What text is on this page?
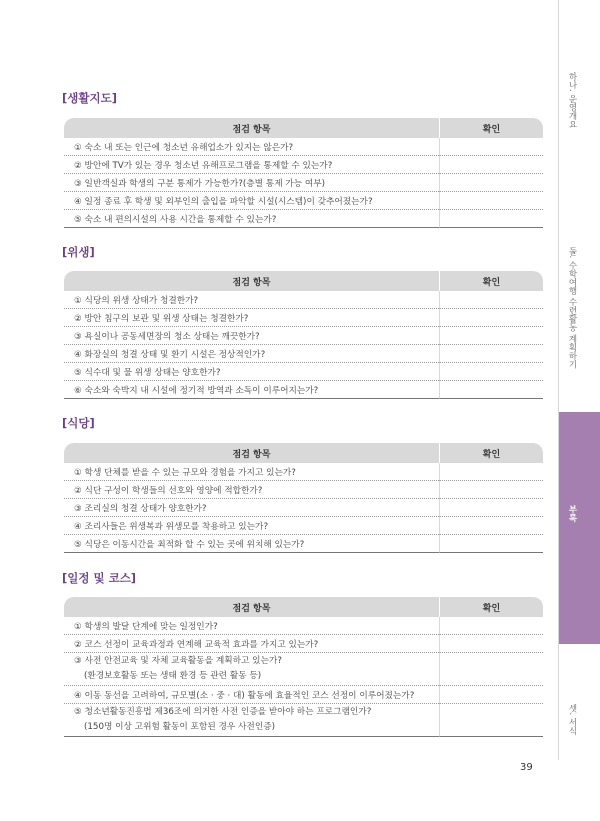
[생활지도]
점검 항목	확인
① 숙소 내 또는 인근에 청소년 유해업소가 있지는 않은가?	
② 방안에 TV가 있는 경우 청소년 유해프로그램을 통제할 수 있는가?	
③ 일반객실과 학생의 구분 통제가 가능한가?(층별 통제 가능 여부)	
④ 일정 종료 후 학생 및 외부인의 출입을 파악할 시설(시스템)이 갖추어졌는가?	
⑤ 숙소 내 편의시설의 사용 시간을 통제할 수 있는가?	
[위생]
점검 항목	확인
① 식당의 위생 상태가 청결한가?	
② 방안 침구의 보관 및 위생 상태는 청결한가?	
③ 욕실이나 공동세면장의 청소 상태는 깨끗한가?	
④ 화장실의 청결 상태 및 환기 시설은 정상적인가?	
⑤ 식수대 및 물 위생 상태는 양호한가?	
⑥ 숙소와 숙박지 내 시설에 정기적 방역과 소독이 이루어지는가?	
[식당]
점검 항목	확인
① 학생 단체를 받을 수 있는 규모와 경험을 가지고 있는가?	
② 식단 구성이 학생들의 선호와 영양에 적합한가?	
③ 조리실의 청결 상태가 양호한가?	
④ 조리사들은 위생복과 위생모를 착용하고 있는가?	
⑤ 식당은 이동시간을 최적화 할 수 있는 곳에 위치해 있는가?	
[일정 및 코스]
점검 항목	확인
① 학생의 발달 단계에 맞는 일정인가?	
② 코스 선정이 교육과정과 연계해 교육적 효과를 가지고 있는가?	

③ 사전 안전교육 및 자체 교육활동을 계획하고 있는가?
(환경보호활동 또는 생태 환경 등 관련 활동 등)	

④ 이동 동선을 고려하여, 규모별(소 · 중 · 대) 활동에 효율적인 코스 선정이 이루어졌는가?	

⑤ 청소년활동진흥법 제36조에 의거한 사전 인증을 받아야 하는 프로그램인가?
(150명 이상 고위험 활동이 포함된 경우 사전인증)	

하나. 운영개요
둘. 수학여행 수련활동 계획하기
부록
셋. 서식
39
